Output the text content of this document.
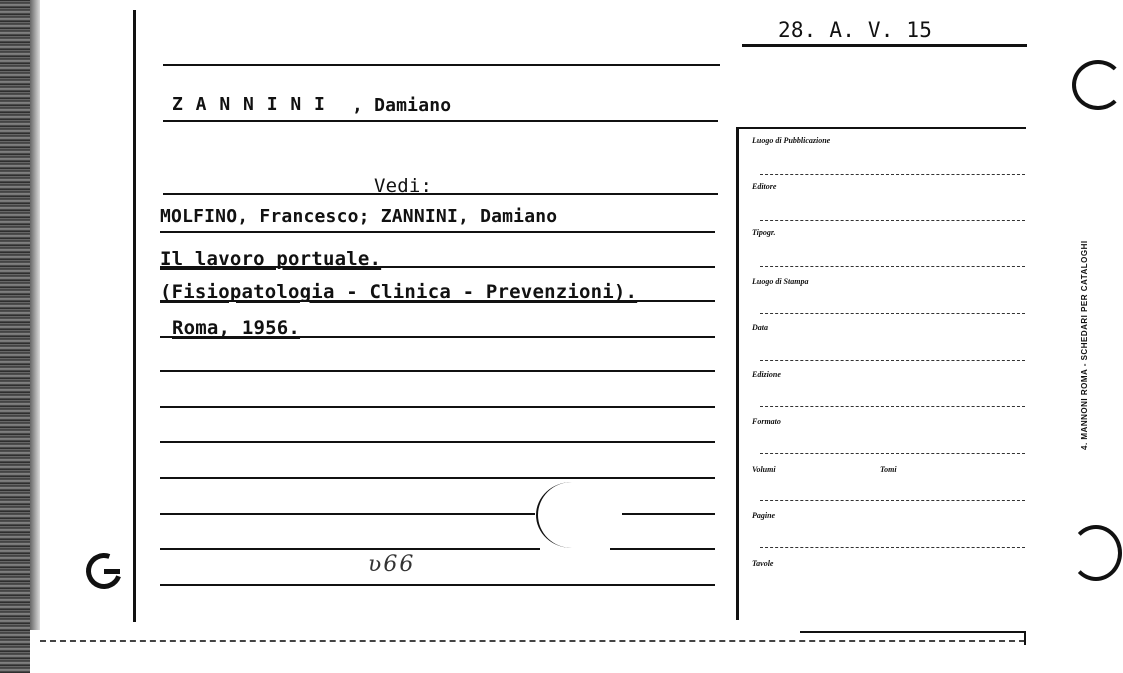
28. A. V. 15
Z A N N I N I , Damiano
Vedi:
MOLFINO, Francesco; ZANNINI, Damiano
Il lavoro portuale.
(Fisiopatologia - Clinica - Prevenzioni).
Roma, 1956.
ʋ66
Luogo di Pubblicazione
Editore
Tipogr.
Luogo di Stampa
Data
Edizione
Formato
Volumi	Tomi
Pagine
Tavole
4. MANNONI ROMA - SCHEDARI PER CATALOGHI
